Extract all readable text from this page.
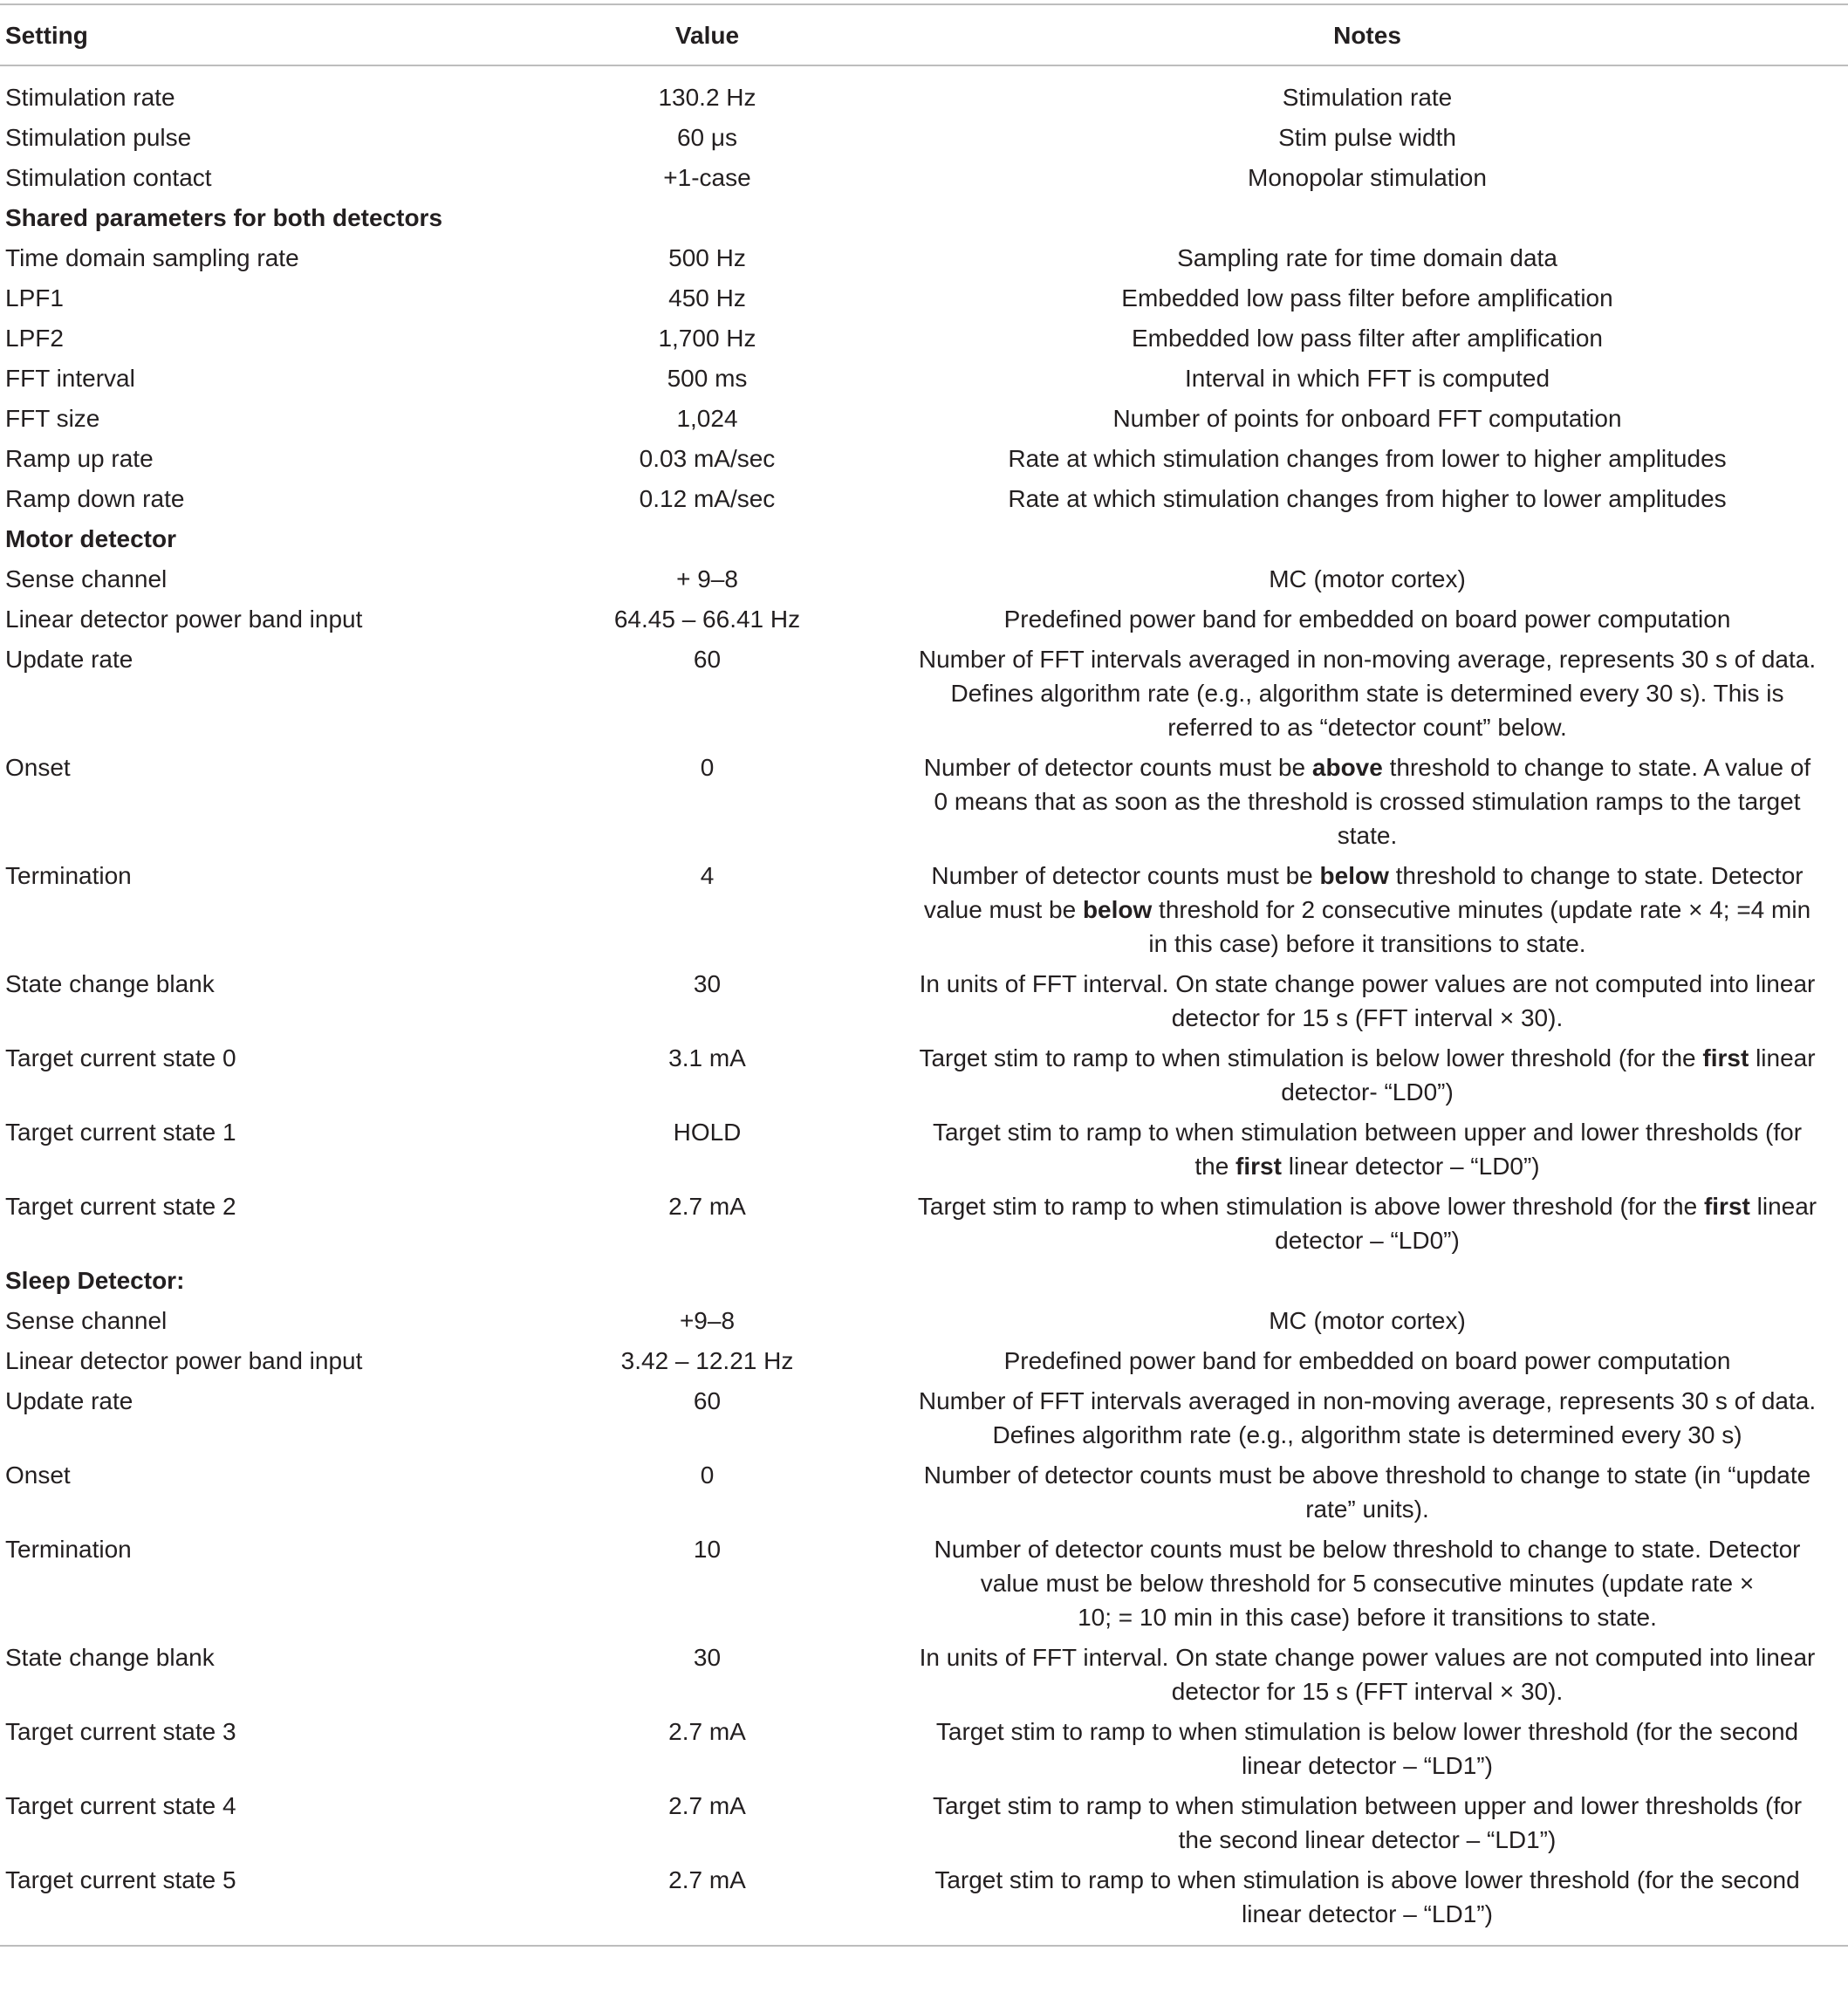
Setting	Value	Notes
Stimulation rate	130.2 Hz	Stimulation rate
Stimulation pulse	60 μs	Stim pulse width
Stimulation contact	+1-case	Monopolar stimulation
Shared parameters for both detectors		
Time domain sampling rate	500 Hz	Sampling rate for time domain data
LPF1	450 Hz	Embedded low pass filter before amplification
LPF2	1,700 Hz	Embedded low pass filter after amplification
FFT interval	500 ms	Interval in which FFT is computed
FFT size	1,024	Number of points for onboard FFT computation
Ramp up rate	0.03 mA/sec	Rate at which stimulation changes from lower to higher amplitudes
Ramp down rate	0.12 mA/sec	Rate at which stimulation changes from higher to lower amplitudes
Motor detector		
Sense channel	+ 9–8	MC (motor cortex)
Linear detector power band input	64.45 – 66.41 Hz	Predefined power band for embedded on board power computation
Update rate	60	Number of FFT intervals averaged in non-moving average, represents 30 s of data.
Defines algorithm rate (e.g., algorithm state is determined every 30 s). This is
referred to as “detector count” below.
Onset	0	Number of detector counts must be above threshold to change to state. A value of
0 means that as soon as the threshold is crossed stimulation ramps to the target
state.
Termination	4	Number of detector counts must be below threshold to change to state. Detector
value must be below threshold for 2 consecutive minutes (update rate × 4; =4 min
in this case) before it transitions to state.
State change blank	30	In units of FFT interval. On state change power values are not computed into linear
detector for 15 s (FFT interval × 30).
Target current state 0	3.1 mA	Target stim to ramp to when stimulation is below lower threshold (for the first linear
detector- “LD0”)
Target current state 1	HOLD	Target stim to ramp to when stimulation between upper and lower thresholds (for
the first linear detector – “LD0”)
Target current state 2	2.7 mA	Target stim to ramp to when stimulation is above lower threshold (for the first linear
detector – “LD0”)
Sleep Detector:		
Sense channel	+9–8	MC (motor cortex)
Linear detector power band input	3.42 – 12.21 Hz	Predefined power band for embedded on board power computation
Update rate	60	Number of FFT intervals averaged in non-moving average, represents 30 s of data.
Defines algorithm rate (e.g., algorithm state is determined every 30 s)
Onset	0	Number of detector counts must be above threshold to change to state (in “update
rate” units).
Termination	10	Number of detector counts must be below threshold to change to state. Detector
value must be below threshold for 5 consecutive minutes (update rate ×
10; = 10 min in this case) before it transitions to state.
State change blank	30	In units of FFT interval. On state change power values are not computed into linear
detector for 15 s (FFT interval × 30).
Target current state 3	2.7 mA	Target stim to ramp to when stimulation is below lower threshold (for the second
linear detector – “LD1”)
Target current state 4	2.7 mA	Target stim to ramp to when stimulation between upper and lower thresholds (for
the second linear detector – “LD1”)
Target current state 5	2.7 mA	Target stim to ramp to when stimulation is above lower threshold (for the second
linear detector – “LD1”)
